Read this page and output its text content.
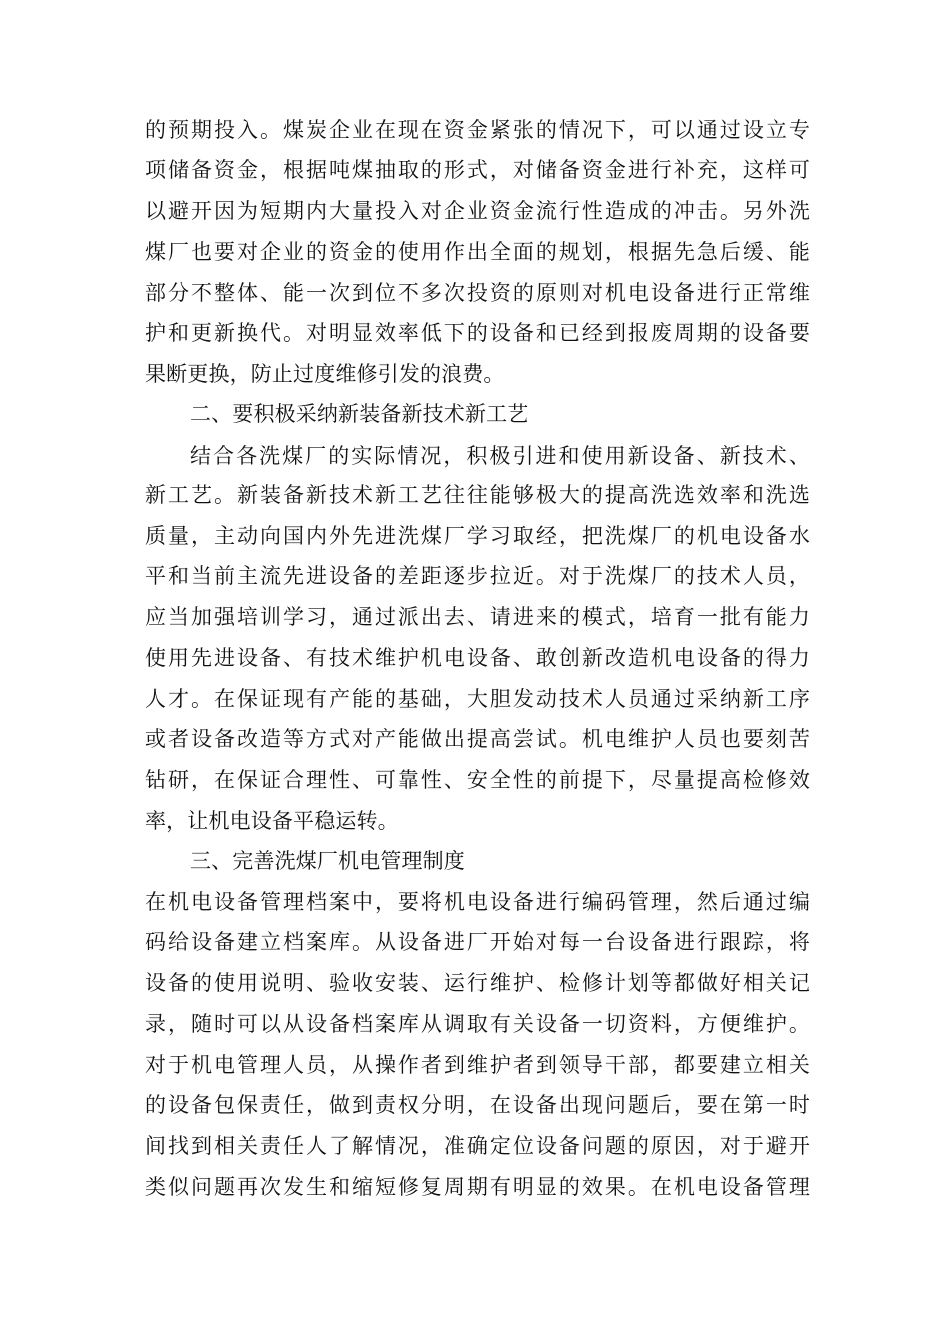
的预期投入。煤炭企业在现在资金紧张的情况下，可以通过设立专

项储备资金，根据吨煤抽取的形式，对储备资金进行补充，这样可

以避开因为短期内大量投入对企业资金流行性造成的冲击。另外洗

煤厂也要对企业的资金的使用作出全面的规划，根据先急后缓、能

部分不整体、能一次到位不多次投资的原则对机电设备进行正常维

护和更新换代。对明显效率低下的设备和已经到报废周期的设备要

果断更换，防止过度维修引发的浪费。

二、要积极采纳新装备新技术新工艺

结合各洗煤厂的实际情况，积极引进和使用新设备、新技术、

新工艺。新装备新技术新工艺往往能够极大的提高洗选效率和洗选

质量，主动向国内外先进洗煤厂学习取经，把洗煤厂的机电设备水

平和当前主流先进设备的差距逐步拉近。对于洗煤厂的技术人员，

应当加强培训学习，通过派出去、请进来的模式，培育一批有能力

使用先进设备、有技术维护机电设备、敢创新改造机电设备的得力

人才。在保证现有产能的基础，大胆发动技术人员通过采纳新工序

或者设备改造等方式对产能做出提高尝试。机电维护人员也要刻苦

钻研，在保证合理性、可靠性、安全性的前提下，尽量提高检修效

率，让机电设备平稳运转。

三、完善洗煤厂机电管理制度

在机电设备管理档案中，要将机电设备进行编码管理，然后通过编

码给设备建立档案库。从设备进厂开始对每一台设备进行跟踪，将

设备的使用说明、验收安装、运行维护、检修计划等都做好相关记

录，随时可以从设备档案库从调取有关设备一切资料，方便维护。

对于机电管理人员，从操作者到维护者到领导干部，都要建立相关

的设备包保责任，做到责权分明，在设备出现问题后，要在第一时

间找到相关责任人了解情况，准确定位设备问题的原因，对于避开

类似问题再次发生和缩短修复周期有明显的效果。在机电设备管理
